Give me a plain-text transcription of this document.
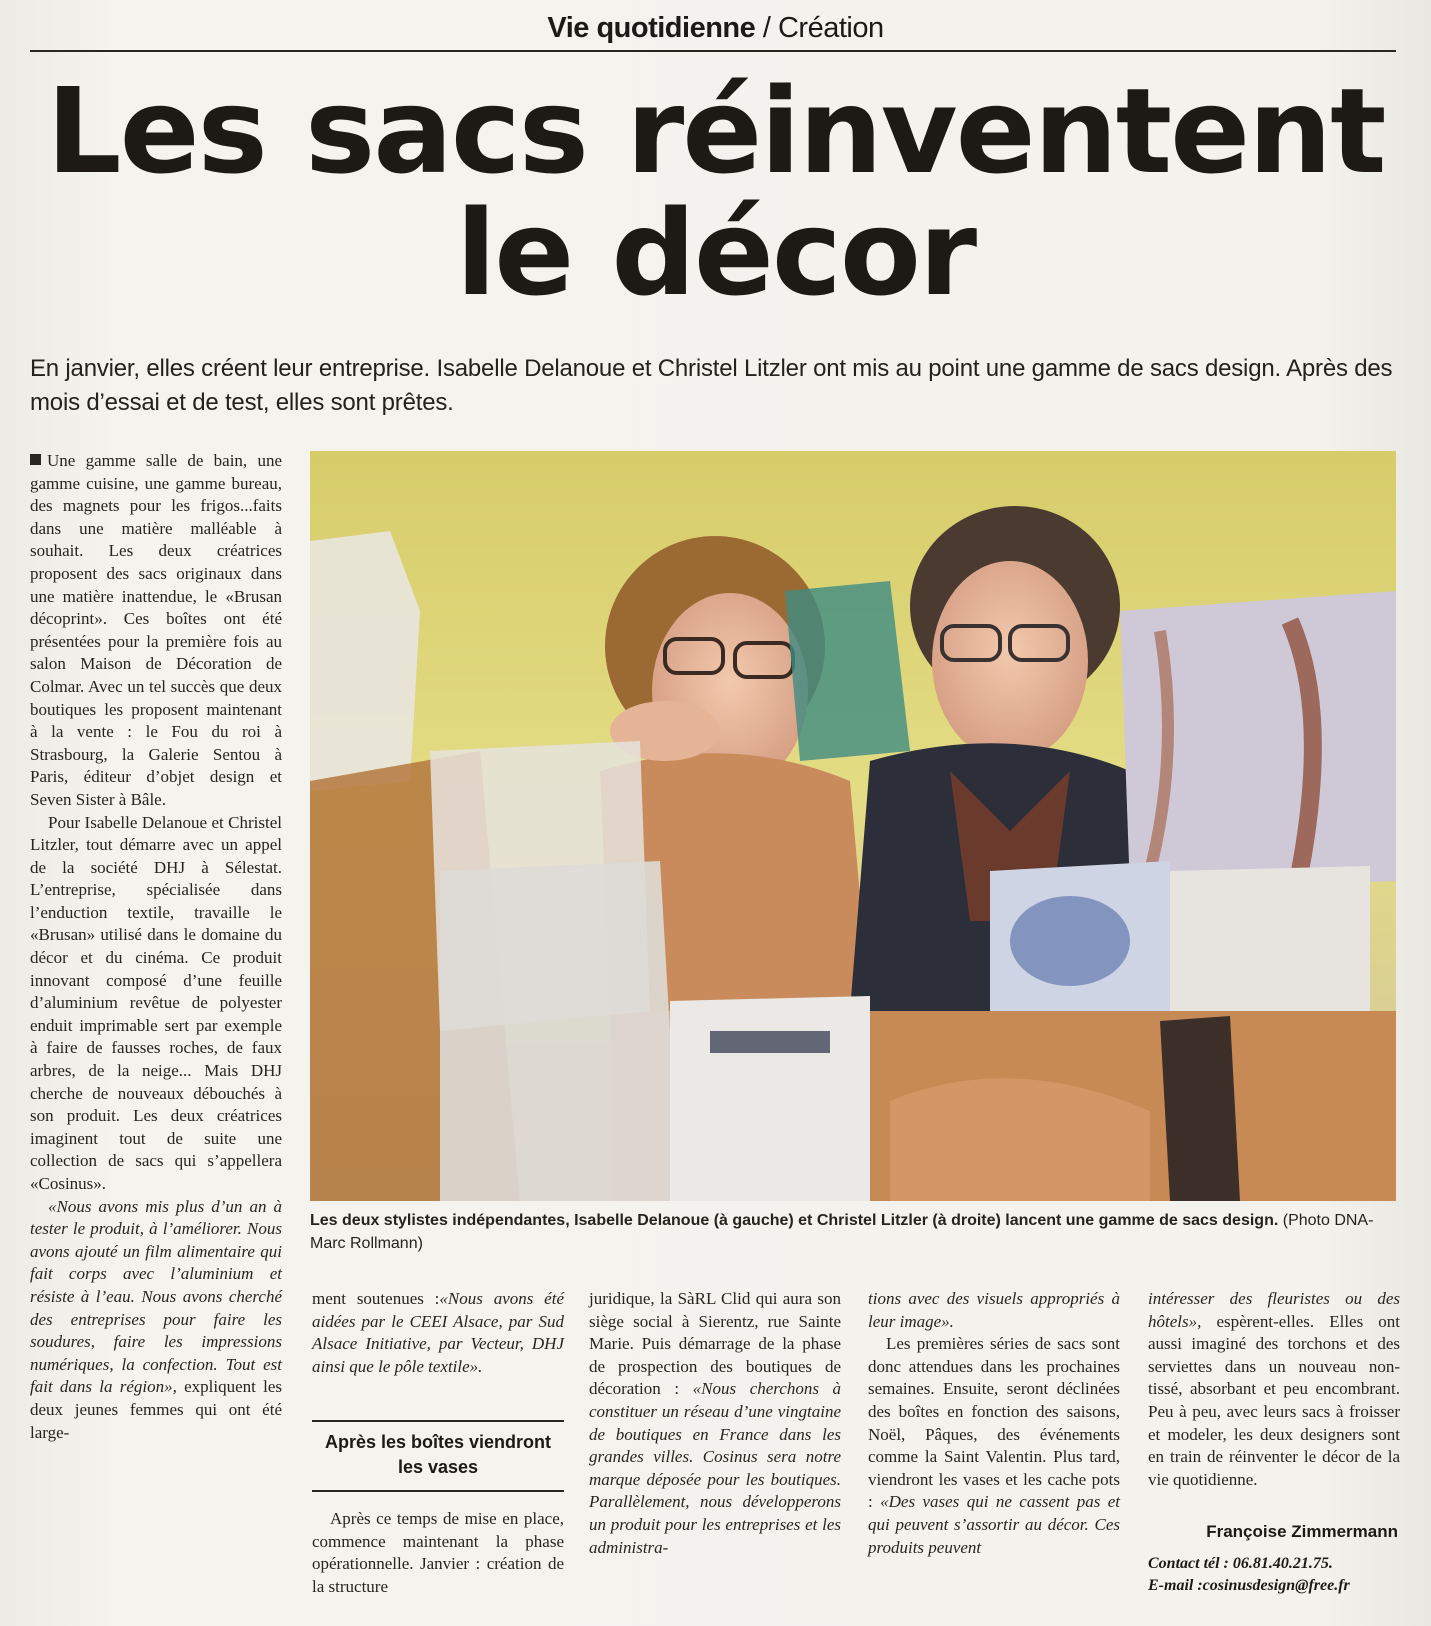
Vie quotidienne / Création
Les sacs réinventent
le décor
En janvier, elles créent leur entreprise. Isabelle Delanoue et Christel Litzler ont mis au point une gamme de sacs design. Après des mois d’essai et de test, elles sont prêtes.

Une gamme salle de bain, une gamme cuisine, une gamme bureau, des magnets pour les frigos...faits dans une matière malléable à souhait. Les deux créatrices proposent des sacs originaux dans une matière inattendue, le «Brusan décoprint». Ces boîtes ont été présentées pour la première fois au salon Maison de Décoration de Colmar. Avec un tel succès que deux boutiques les proposent maintenant à la vente : le Fou du roi à Strasbourg, la Galerie Sentou à Paris, éditeur d’objet design et Seven Sister à Bâle.

Pour Isabelle Delanoue et Christel Litzler, tout démarre avec un appel de la société DHJ à Sélestat. L’entreprise, spécialisée dans l’enduction textile, travaille le «Brusan» utilisé dans le domaine du décor et du cinéma. Ce produit innovant composé d’une feuille d’aluminium revêtue de polyester enduit imprimable sert par exemple à faire de fausses roches, de faux arbres, de la neige... Mais DHJ cherche de nouveaux débouchés à son produit. Les deux créatrices imaginent tout de suite une collection de sacs qui s’appellera «Cosinus».

«Nous avons mis plus d’un an à tester le produit, à l’améliorer. Nous avons ajouté un film alimentaire qui fait corps avec l’aluminium et résiste à l’eau. Nous avons cherché des entreprises pour faire les soudures, faire les impressions numériques, la confection. Tout est fait dans la région», expliquent les deux jeunes femmes qui ont été large-

Les deux stylistes indépendantes, Isabelle Delanoue (à gauche) et Christel Litzler (à droite) lancent une gamme de sacs design. (Photo DNA-Marc Rollmann)

ment soutenues :«Nous avons été aidées par le CEEI Alsace, par Sud Alsace Initiative, par Vecteur, DHJ ainsi que le pôle textile».

Après les boîtes viendront les vases

Après ce temps de mise en place, commence maintenant la phase opérationnelle. Janvier : création de la structure

juridique, la SàRL Clid qui aura son siège social à Sierentz, rue Sainte Marie. Puis démarrage de la phase de prospection des boutiques de décoration : «Nous cherchons à constituer un réseau d’une vingtaine de boutiques en France dans les grandes villes. Cosinus sera notre marque déposée pour les boutiques. Parallèlement, nous développerons un produit pour les entreprises et les administra-

tions avec des visuels appropriés à leur image».

Les premières séries de sacs sont donc attendues dans les prochaines semaines. Ensuite, seront déclinées des boîtes en fonction des saisons, Noël, Pâques, des événements comme la Saint Valentin. Plus tard, viendront les vases et les cache pots : «Des vases qui ne cassent pas et qui peuvent s’assortir au décor. Ces produits peuvent

intéresser des fleuristes ou des hôtels», espèrent-elles. Elles ont aussi imaginé des torchons et des serviettes dans un nouveau non-tissé, absorbant et peu encombrant. Peu à peu, avec leurs sacs à froisser et modeler, les deux designers sont en train de réinventer le décor de la vie quotidienne.

Françoise Zimmermann
Contact tél : 06.81.40.21.75.
E-mail :cosinusdesign@free.fr
